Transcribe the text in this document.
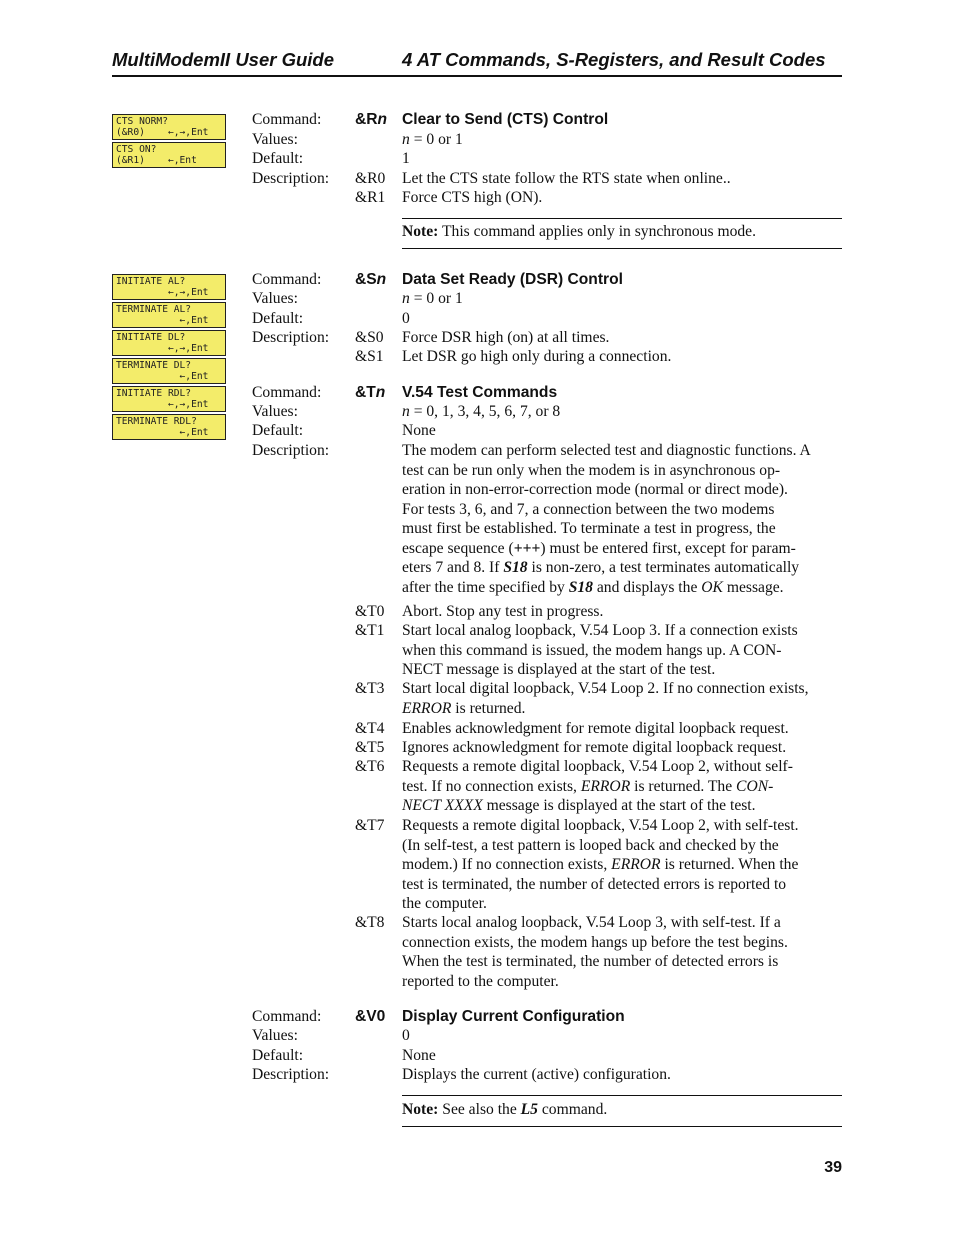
MultiModemII User Guide	4 AT Commands, S-Registers, and Result Codes
CTS NORM?
(&R0)    ←,→,Ent
CTS ON?
(&R1)    ←,Ent
INITIATE AL?
←,→,Ent
TERMINATE AL?
←,Ent
INITIATE DL?
←,→,Ent
TERMINATE DL?
←,Ent
INITIATE RDL?
←,→,Ent
TERMINATE RDL?
←,Ent
Command:
Values:
Default:
Description:
&Rn Clear to Send (CTS) Control
n = 0 or 1
1
&R0 Let the CTS state follow the RTS state when online..
&R1 Force CTS high (ON).
Note: This command applies only in synchronous mode.
Command:
Values:
Default:
Description:
&Sn Data Set Ready (DSR) Control
n = 0 or 1
0
&S0 Force DSR high (on) at all times.
&S1 Let DSR go high only during a connection.
Command:
Values:
Default:
Description:
&Tn V.54 Test Commands
n = 0, 1, 3, 4, 5, 6, 7, or 8
None
The modem can perform selected test and diagnostic functions. A
test can be run only when the modem is in asynchronous op-
eration in non-error-correction mode (normal or direct mode).
For tests 3, 6, and 7, a connection between the two modems
must first be established. To terminate a test in progress, the
escape sequence (+++) must be entered first, except for param-
eters 7 and 8. If S18 is non-zero, a test terminates automatically
after the time specified by S18 and displays the OK message.
&T0 Abort. Stop any test in progress.
&T1 Start local analog loopback, V.54 Loop 3. If a connection exists
when this command is issued, the modem hangs up. A CON-
NECT message is displayed at the start of the test.
&T3 Start local digital loopback, V.54 Loop 2. If no connection exists,
ERROR is returned.
&T4 Enables acknowledgment for remote digital loopback request.
&T5 Ignores acknowledgment for remote digital loopback request.
&T6 Requests a remote digital loopback, V.54 Loop 2, without self-
test. If no connection exists, ERROR is returned. The CON-
NECT XXXX message is displayed at the start of the test.
&T7 Requests a remote digital loopback, V.54 Loop 2, with self-test.
(In self-test, a test pattern is looped back and checked by the
modem.) If no connection exists, ERROR is returned. When the
test is terminated, the number of detected errors is reported to
the computer.
&T8 Starts local analog loopback, V.54 Loop 3, with self-test. If a
connection exists, the modem hangs up before the test begins.
When the test is terminated, the number of detected errors is
reported to the computer.
Command:
Values:
Default:
Description:
&V0 Display Current Configuration
0
None
Displays the current (active) configuration.
Note: See also the L5 command.
39
